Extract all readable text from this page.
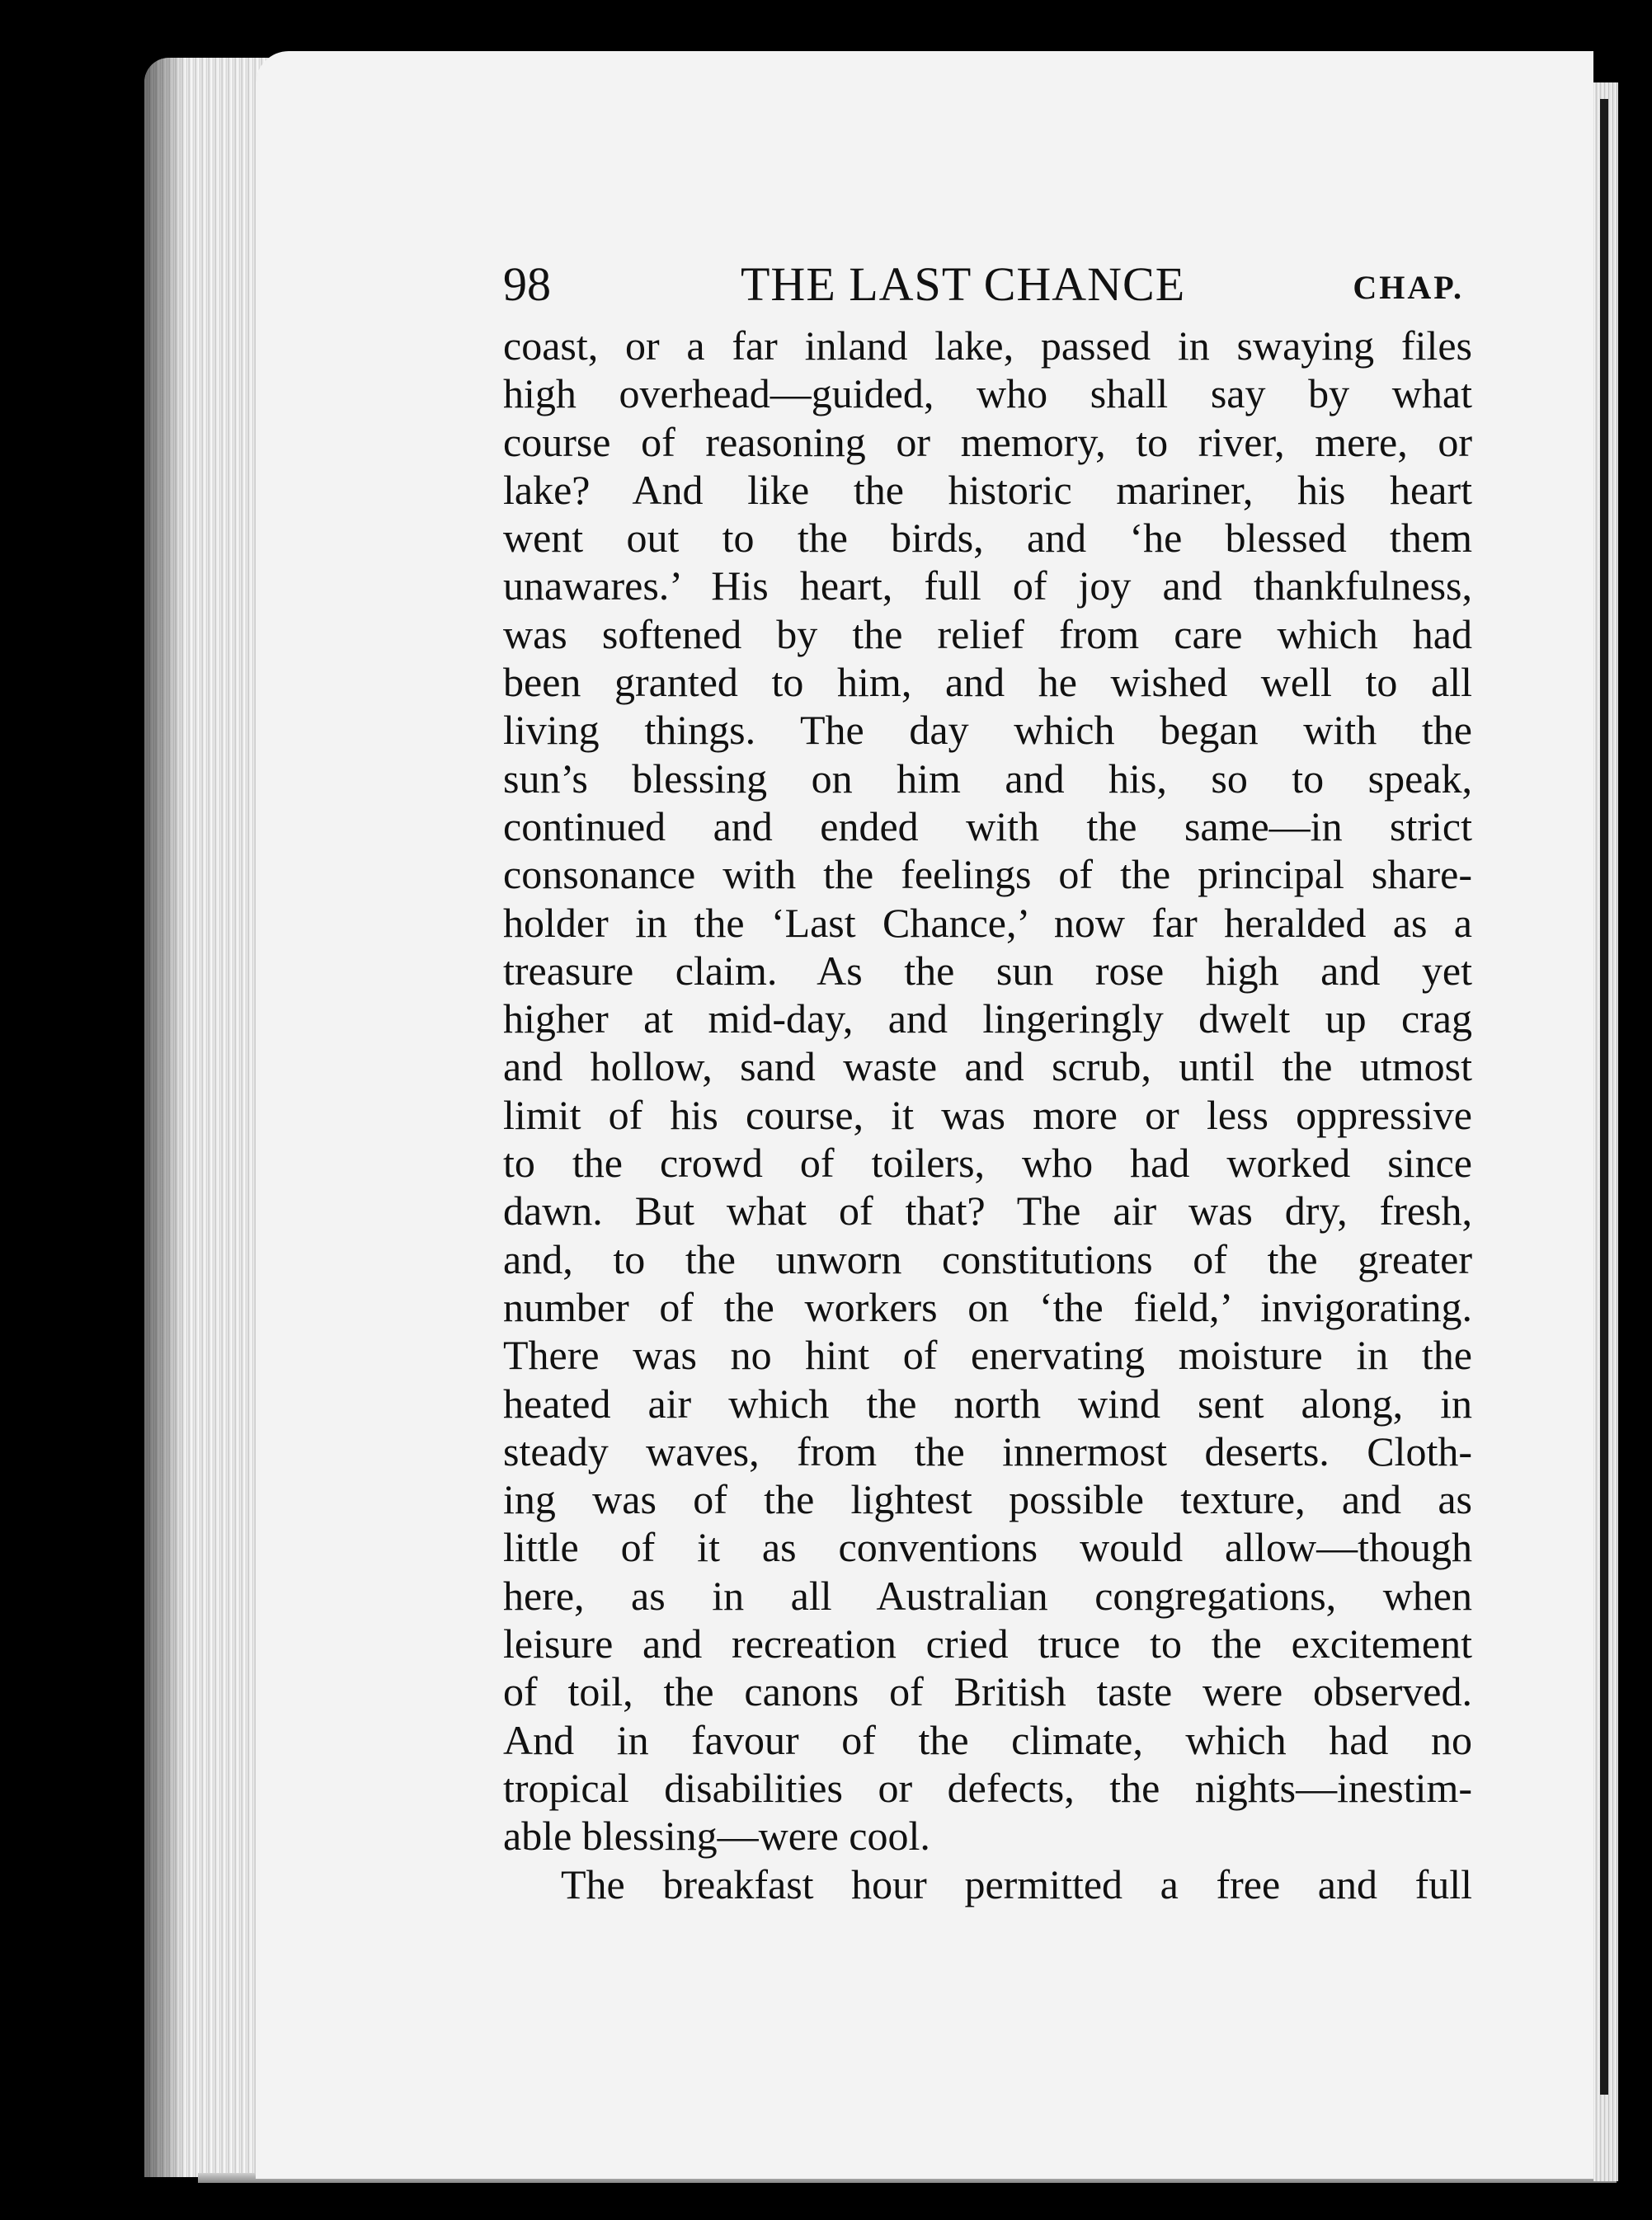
98	THE LAST CHANCE	CHAP.
coast, or a far inland lake, passed in swaying files
high overhead—guided, who shall say by what
course of reasoning or memory, to river, mere, or
lake? And like the historic mariner, his heart
went out to the birds, and ‘he blessed them
unawares.’ His heart, full of joy and thankfulness,
was softened by the relief from care which had
been granted to him, and he wished well to all
living things. The day which began with the
sun’s blessing on him and his, so to speak,
continued and ended with the same—in strict
consonance with the feelings of the principal share-
holder in the ‘Last Chance,’ now far heralded as a
treasure claim. As the sun rose high and yet
higher at mid-day, and lingeringly dwelt up crag
and hollow, sand waste and scrub, until the utmost
limit of his course, it was more or less oppressive
to the crowd of toilers, who had worked since
dawn. But what of that? The air was dry, fresh,
and, to the unworn constitutions of the greater
number of the workers on ‘the field,’ invigorating.
There was no hint of enervating moisture in the
heated air which the north wind sent along, in
steady waves, from the innermost deserts. Cloth-
ing was of the lightest possible texture, and as
little of it as conventions would allow—though
here, as in all Australian congregations, when
leisure and recreation cried truce to the excitement
of toil, the canons of British taste were observed.
And in favour of the climate, which had no
tropical disabilities or defects, the nights—inestim-
able blessing—were cool.
The breakfast hour permitted a free and full
